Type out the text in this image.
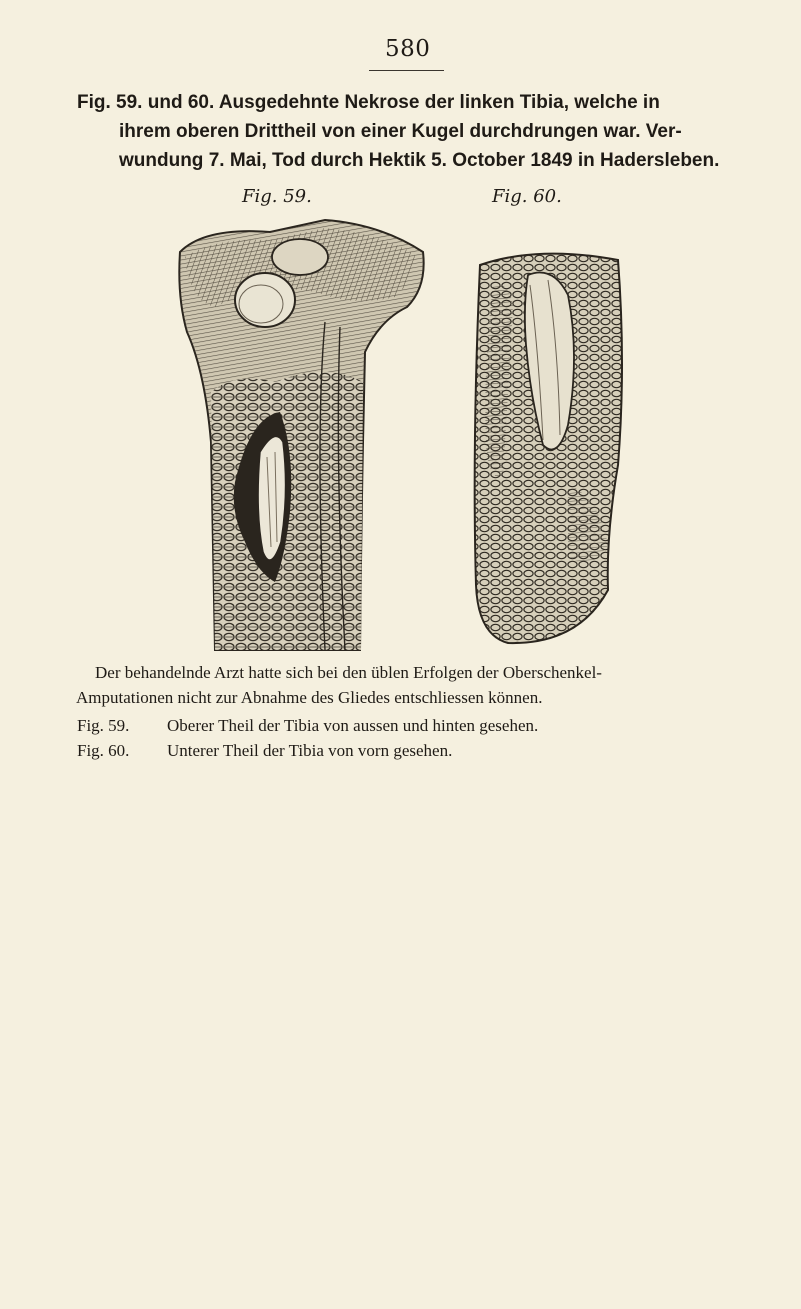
580
Fig. 59. und 60. Ausgedehnte Nekrose der linken Tibia, welche in
ihrem oberen Drittheil von einer Kugel durchdrungen war. Ver-
wundung 7. Mai, Tod durch Hektik 5. October 1849 in Hadersleben.
Fig. 59.	Fig. 60.
Der behandelnde Arzt hatte sich bei den üblen Erfolgen der Oberschenkel-
Amputationen nicht zur Abnahme des Gliedes entschliessen können.
Fig. 59. Oberer Theil der Tibia von aussen und hinten gesehen.
Fig. 60. Unterer Theil der Tibia von vorn gesehen.
